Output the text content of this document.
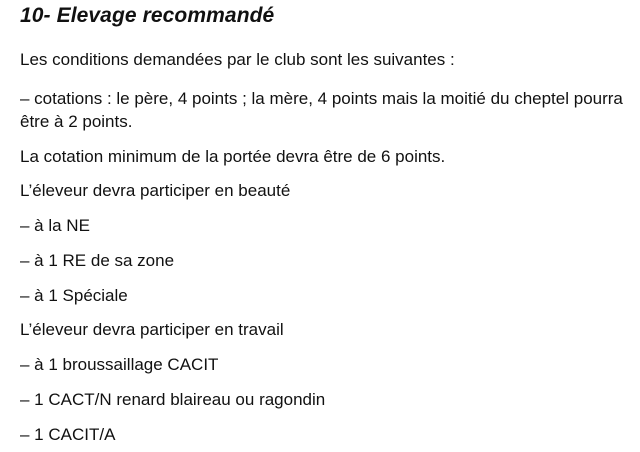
10- Elevage recommandé
Les conditions demandées par le club sont les suivantes :
– cotations : le père, 4 points ; la mère, 4 points mais la moitié du cheptel pourra être à 2 points.
La cotation minimum de la portée devra être de 6 points.
L’éleveur devra participer en beauté
– à la NE
– à 1 RE de sa zone
– à 1 Spéciale
L’éleveur devra participer en travail
– à 1 broussaillage CACIT
– 1 CACT/N renard blaireau ou ragondin
– 1 CACIT/A
